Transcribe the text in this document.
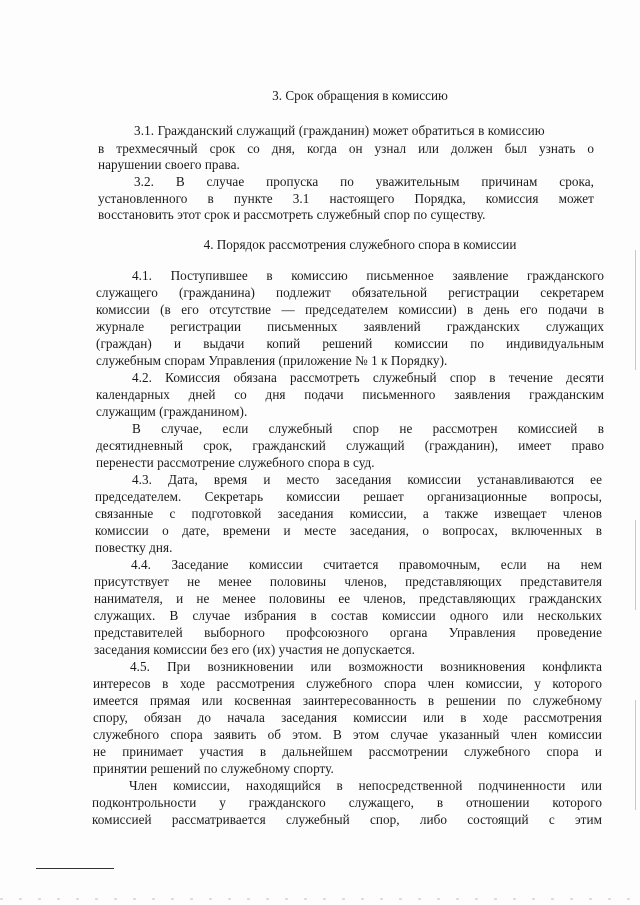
3. Срок обращения в комиссию
3.1. Гражданский служащий (гражданин) может обратиться в комиссию
в трехмесячный срок со дня, когда он узнал или должен был узнать о
нарушении своего права.
3.2. В случае пропуска по уважительным причинам срока,
установленного в пункте 3.1 настоящего Порядка, комиссия может
восстановить этот срок и рассмотреть служебный спор по существу.
4. Порядок рассмотрения служебного спора в комиссии
4.1. Поступившее в комиссию письменное заявление гражданского
служащего (гражданина) подлежит обязательной регистрации секретарем
комиссии (в его отсутствие — председателем комиссии) в день его подачи в
журнале регистрации письменных заявлений гражданских служащих
(граждан) и выдачи копий решений комиссии по индивидуальным
служебным спорам Управления (приложение № 1 к Порядку).
4.2. Комиссия обязана рассмотреть служебный спор в течение десяти
календарных дней со дня подачи письменного заявления гражданским
служащим (гражданином).
В случае, если служебный спор не рассмотрен комиссией в
десятидневный срок, гражданский служащий (гражданин), имеет право
перенести рассмотрение служебного спора в суд.
4.3. Дата, время и место заседания комиссии устанавливаются ее
председателем. Секретарь комиссии решает организационные вопросы,
связанные с подготовкой заседания комиссии, а также извещает членов
комиссии о дате, времени и месте заседания, о вопросах, включенных в
повестку дня.
4.4. Заседание комиссии считается правомочным, если на нем
присутствует не менее половины членов, представляющих представителя
нанимателя, и не менее половины ее членов, представляющих гражданских
служащих. В случае избрания в состав комиссии одного или нескольких
представителей выборного профсоюзного органа Управления проведение
заседания комиссии без его (их) участия не допускается.
4.5. При возникновении или возможности возникновения конфликта
интересов в ходе рассмотрения служебного спора член комиссии, у которого
имеется прямая или косвенная заинтересованность в решении по служебному
спору, обязан до начала заседания комиссии или в ходе рассмотрения
служебного спора заявить об этом. В этом случае указанный член комиссии
не принимает участия в дальнейшем рассмотрении служебного спора и
принятии решений по служебному спорту.
Член комиссии, находящийся в непосредственной подчиненности или
подконтрольности у гражданского служащего, в отношении которого
комиссией рассматривается служебный спор, либо состоящий с этим
